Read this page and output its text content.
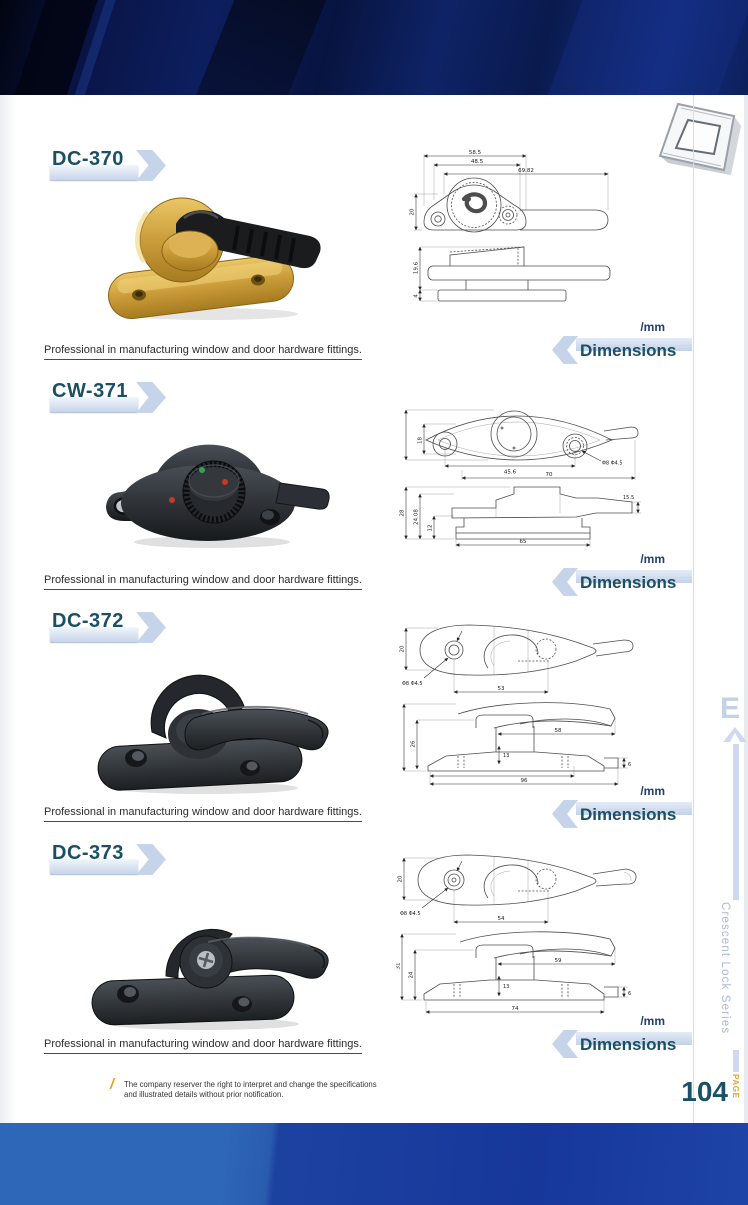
DC-370	58.5
48.5
69.82
20
19.6
4
Professional in manufacturing window and door hardware fittings.
/mm
Dimensions
CW-371
18
45.6
Φ8 Φ4.5
70
28 24.08
12
15.5
65
Professional in manufacturing window and door hardware fittings.
/mm
Dimensions
DC-372
20
Φ8 Φ4.5
53
26
58
13
6
96
Professional in manufacturing window and door hardware fittings.
/mm
Dimensions
DC-373
20
Φ8 Φ4.5
54
31
24
59
13
6
74
Professional in manufacturing window and door hardware fittings.
/mm
Dimensions
E
Crescent Lock Series
PAGE
104
/ The company reserver the right to interpret and change the specifications
and illustrated details without prior notification.
